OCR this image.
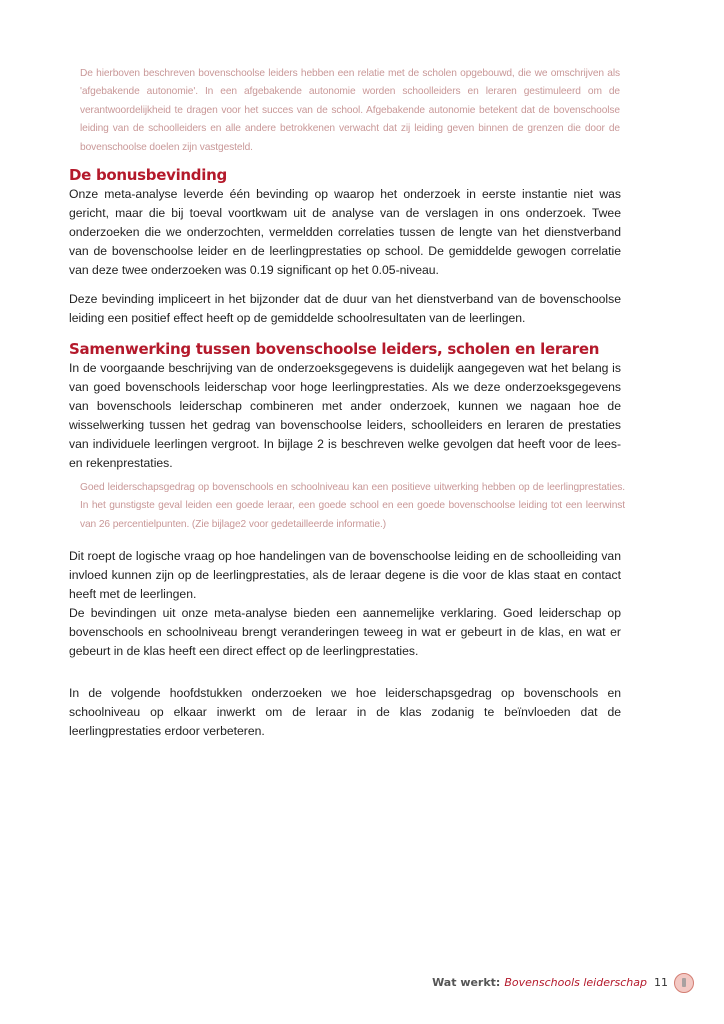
De hierboven beschreven bovenschoolse leiders hebben een relatie met de scholen opgebouwd, die we omschrijven als 'afgebakende autonomie'. In een afgebakende autonomie worden schoolleiders en leraren gestimuleerd om de verantwoordelijkheid te dragen voor het succes van de school. Afgebakende autonomie betekent dat de bovenschoolse leiding van de schoolleiders en alle andere betrokkenen verwacht dat zij leiding geven binnen de grenzen die door de bovenschoolse doelen zijn vastgesteld.
De bonusbevinding

Onze meta-analyse leverde één bevinding op waarop het onderzoek in eerste instantie niet was gericht, maar die bij toeval voortkwam uit de analyse van de verslagen in ons onderzoek. Twee onderzoeken die we onderzochten, vermeldden correlaties tussen de lengte van het dienstverband van de bovenschoolse leider en de leerlingprestaties op school. De gemiddelde gewogen correlatie van deze twee onderzoeken was 0.19 significant op het 0.05-niveau.

Deze bevinding impliceert in het bijzonder dat de duur van het dienstverband van de bovenschoolse leiding een positief effect heeft op de gemiddelde schoolresultaten van de leerlingen.

Samenwerking tussen bovenschoolse leiders, scholen en leraren

In de voorgaande beschrijving van de onderzoeksgegevens is duidelijk aangegeven wat het belang is van goed bovenschools leiderschap voor hoge leerlingprestaties. Als we deze onderzoeksgegevens van bovenschools leiderschap combineren met ander onderzoek, kunnen we nagaan hoe de wisselwerking tussen het gedrag van bovenschoolse leiders, schoolleiders en leraren de prestaties van individuele leerlingen vergroot. In bijlage 2 is beschreven welke gevolgen dat heeft voor de lees- en rekenprestaties.

Goed leiderschapsgedrag op bovenschools en schoolniveau kan een positieve uitwerking hebben op de leerlingprestaties. In het gunstigste geval leiden een goede leraar, een goede school en een goede bovenschoolse leiding tot een leerwinst van 26 percentielpunten. (Zie bijlage2 voor gedetailleerde informatie.)

Dit roept de logische vraag op hoe handelingen van de bovenschoolse leiding en de schoolleiding van invloed kunnen zijn op de leerlingprestaties, als de leraar degene is die voor de klas staat en contact heeft met de leerlingen.

De bevindingen uit onze meta-analyse bieden een aannemelijke verklaring. Goed leiderschap op bovenschools en schoolniveau brengt veranderingen teweeg in wat er gebeurt in de klas, en wat er gebeurt in de klas heeft een direct effect op de leerlingprestaties.

In de volgende hoofdstukken onderzoeken we hoe leiderschapsgedrag op bovenschools en schoolniveau op elkaar inwerkt om de leraar in de klas zodanig te beïnvloeden dat de leerlingprestaties erdoor verbeteren.

Wat werkt: Bovenschools leiderschap 11
